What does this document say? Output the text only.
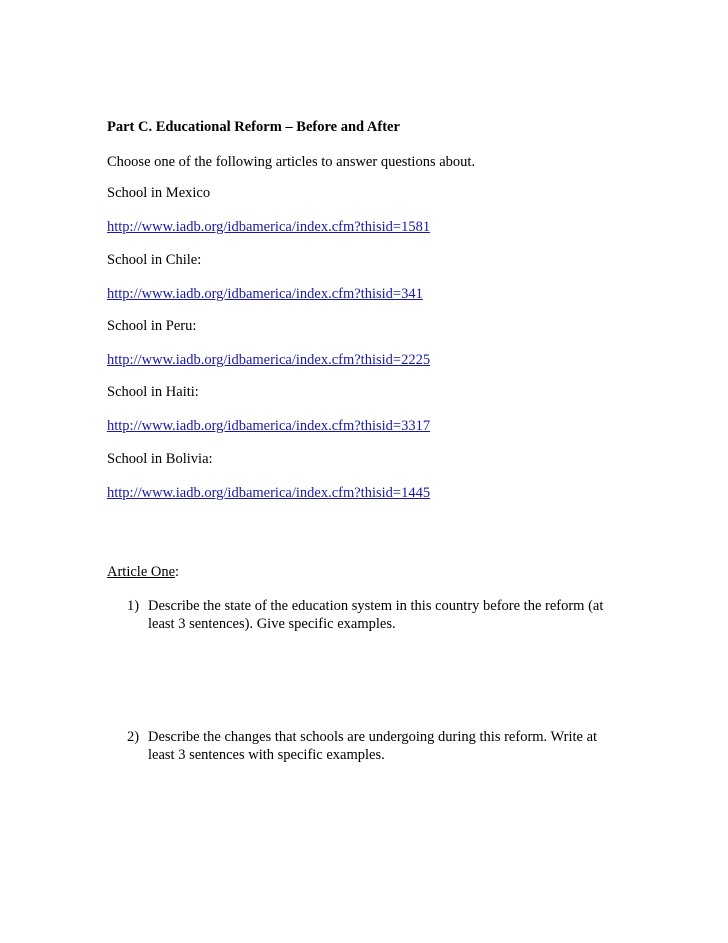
Part C. Educational Reform – Before and After
Choose one of the following articles to answer questions about.
School in Mexico
http://www.iadb.org/idbamerica/index.cfm?thisid=1581
School in Chile:
http://www.iadb.org/idbamerica/index.cfm?thisid=341
School in Peru:
http://www.iadb.org/idbamerica/index.cfm?thisid=2225
School in Haiti:
http://www.iadb.org/idbamerica/index.cfm?thisid=3317
School in Bolivia:
http://www.iadb.org/idbamerica/index.cfm?thisid=1445
Article One:
1) Describe the state of the education system in this country before the reform (at least 3 sentences). Give specific examples.
2) Describe the changes that schools are undergoing during this reform. Write at least 3 sentences with specific examples.
